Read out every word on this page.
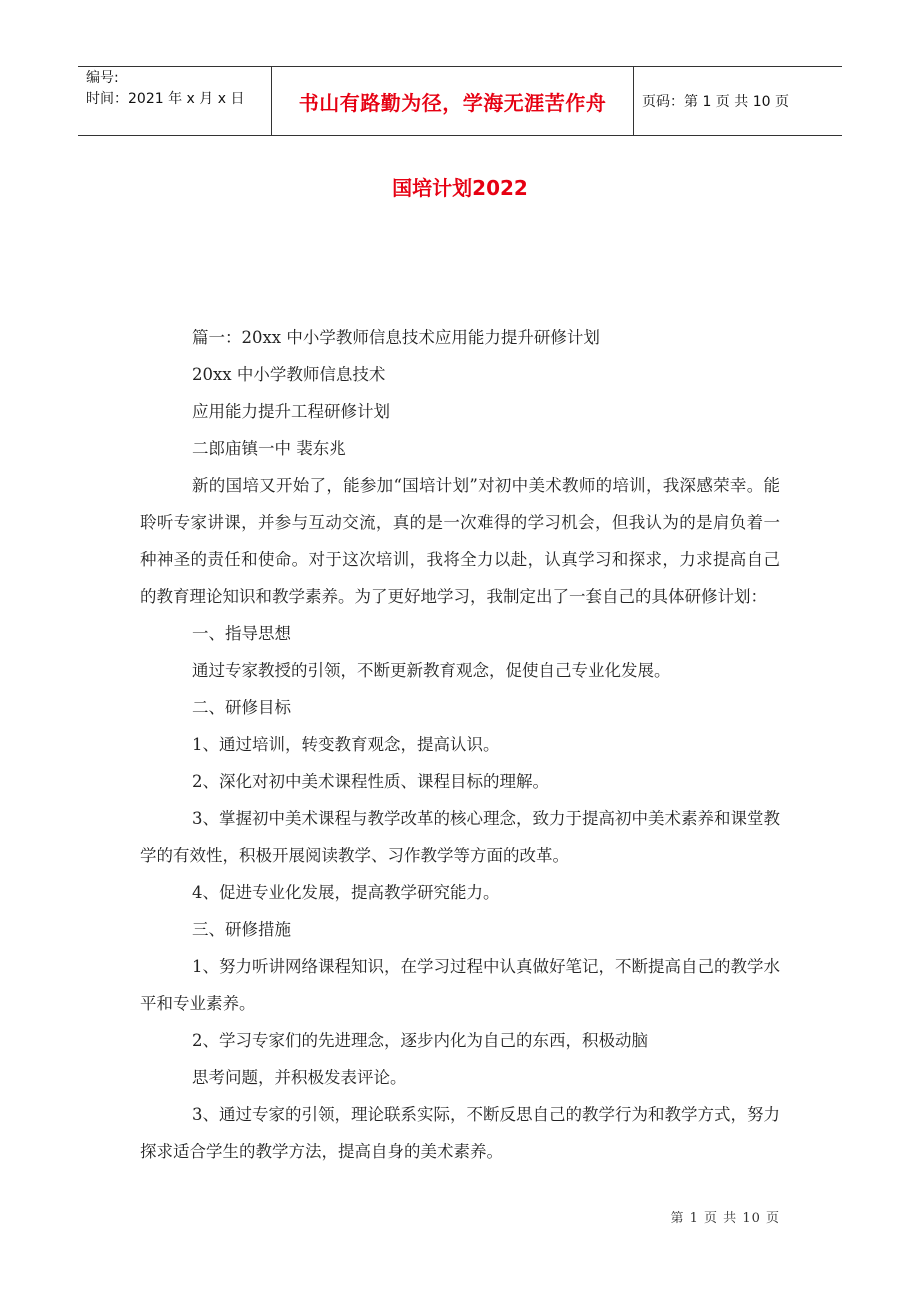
编号:
时间：2021 年 x 月 x 日	书山有路勤为径，学海无涯苦作舟	页码：第 1 页 共 10 页
国培计划2022

篇一：20xx 中小学教师信息技术应用能力提升研修计划

20xx 中小学教师信息技术

应用能力提升工程研修计划

二郎庙镇一中 裴东兆

新的国培又开始了，能参加“国培计划”对初中美术教师的培训，我深感荣幸。能聆听专家讲课，并参与互动交流，真的是一次难得的学习机会，但我认为的是肩负着一种神圣的责任和使命。对于这次培训，我将全力以赴，认真学习和探求，力求提高自己的教育理论知识和教学素养。为了更好地学习，我制定出了一套自己的具体研修计划：

一、指导思想

通过专家教授的引领，不断更新教育观念，促使自己专业化发展。

二、研修目标

1、通过培训，转变教育观念，提高认识。

2、深化对初中美术课程性质、课程目标的理解。

3、掌握初中美术课程与教学改革的核心理念，致力于提高初中美术素养和课堂教学的有效性，积极开展阅读教学、习作教学等方面的改革。

4、促进专业化发展，提高教学研究能力。

三、研修措施

1、努力听讲网络课程知识，在学习过程中认真做好笔记，不断提高自己的教学水平和专业素养。

2、学习专家们的先进理念，逐步内化为自己的东西，积极动脑

思考问题，并积极发表评论。

3、通过专家的引领，理论联系实际，不断反思自己的教学行为和教学方式，努力探求适合学生的教学方法，提高自身的美术素养。

第 1 页 共 10 页
